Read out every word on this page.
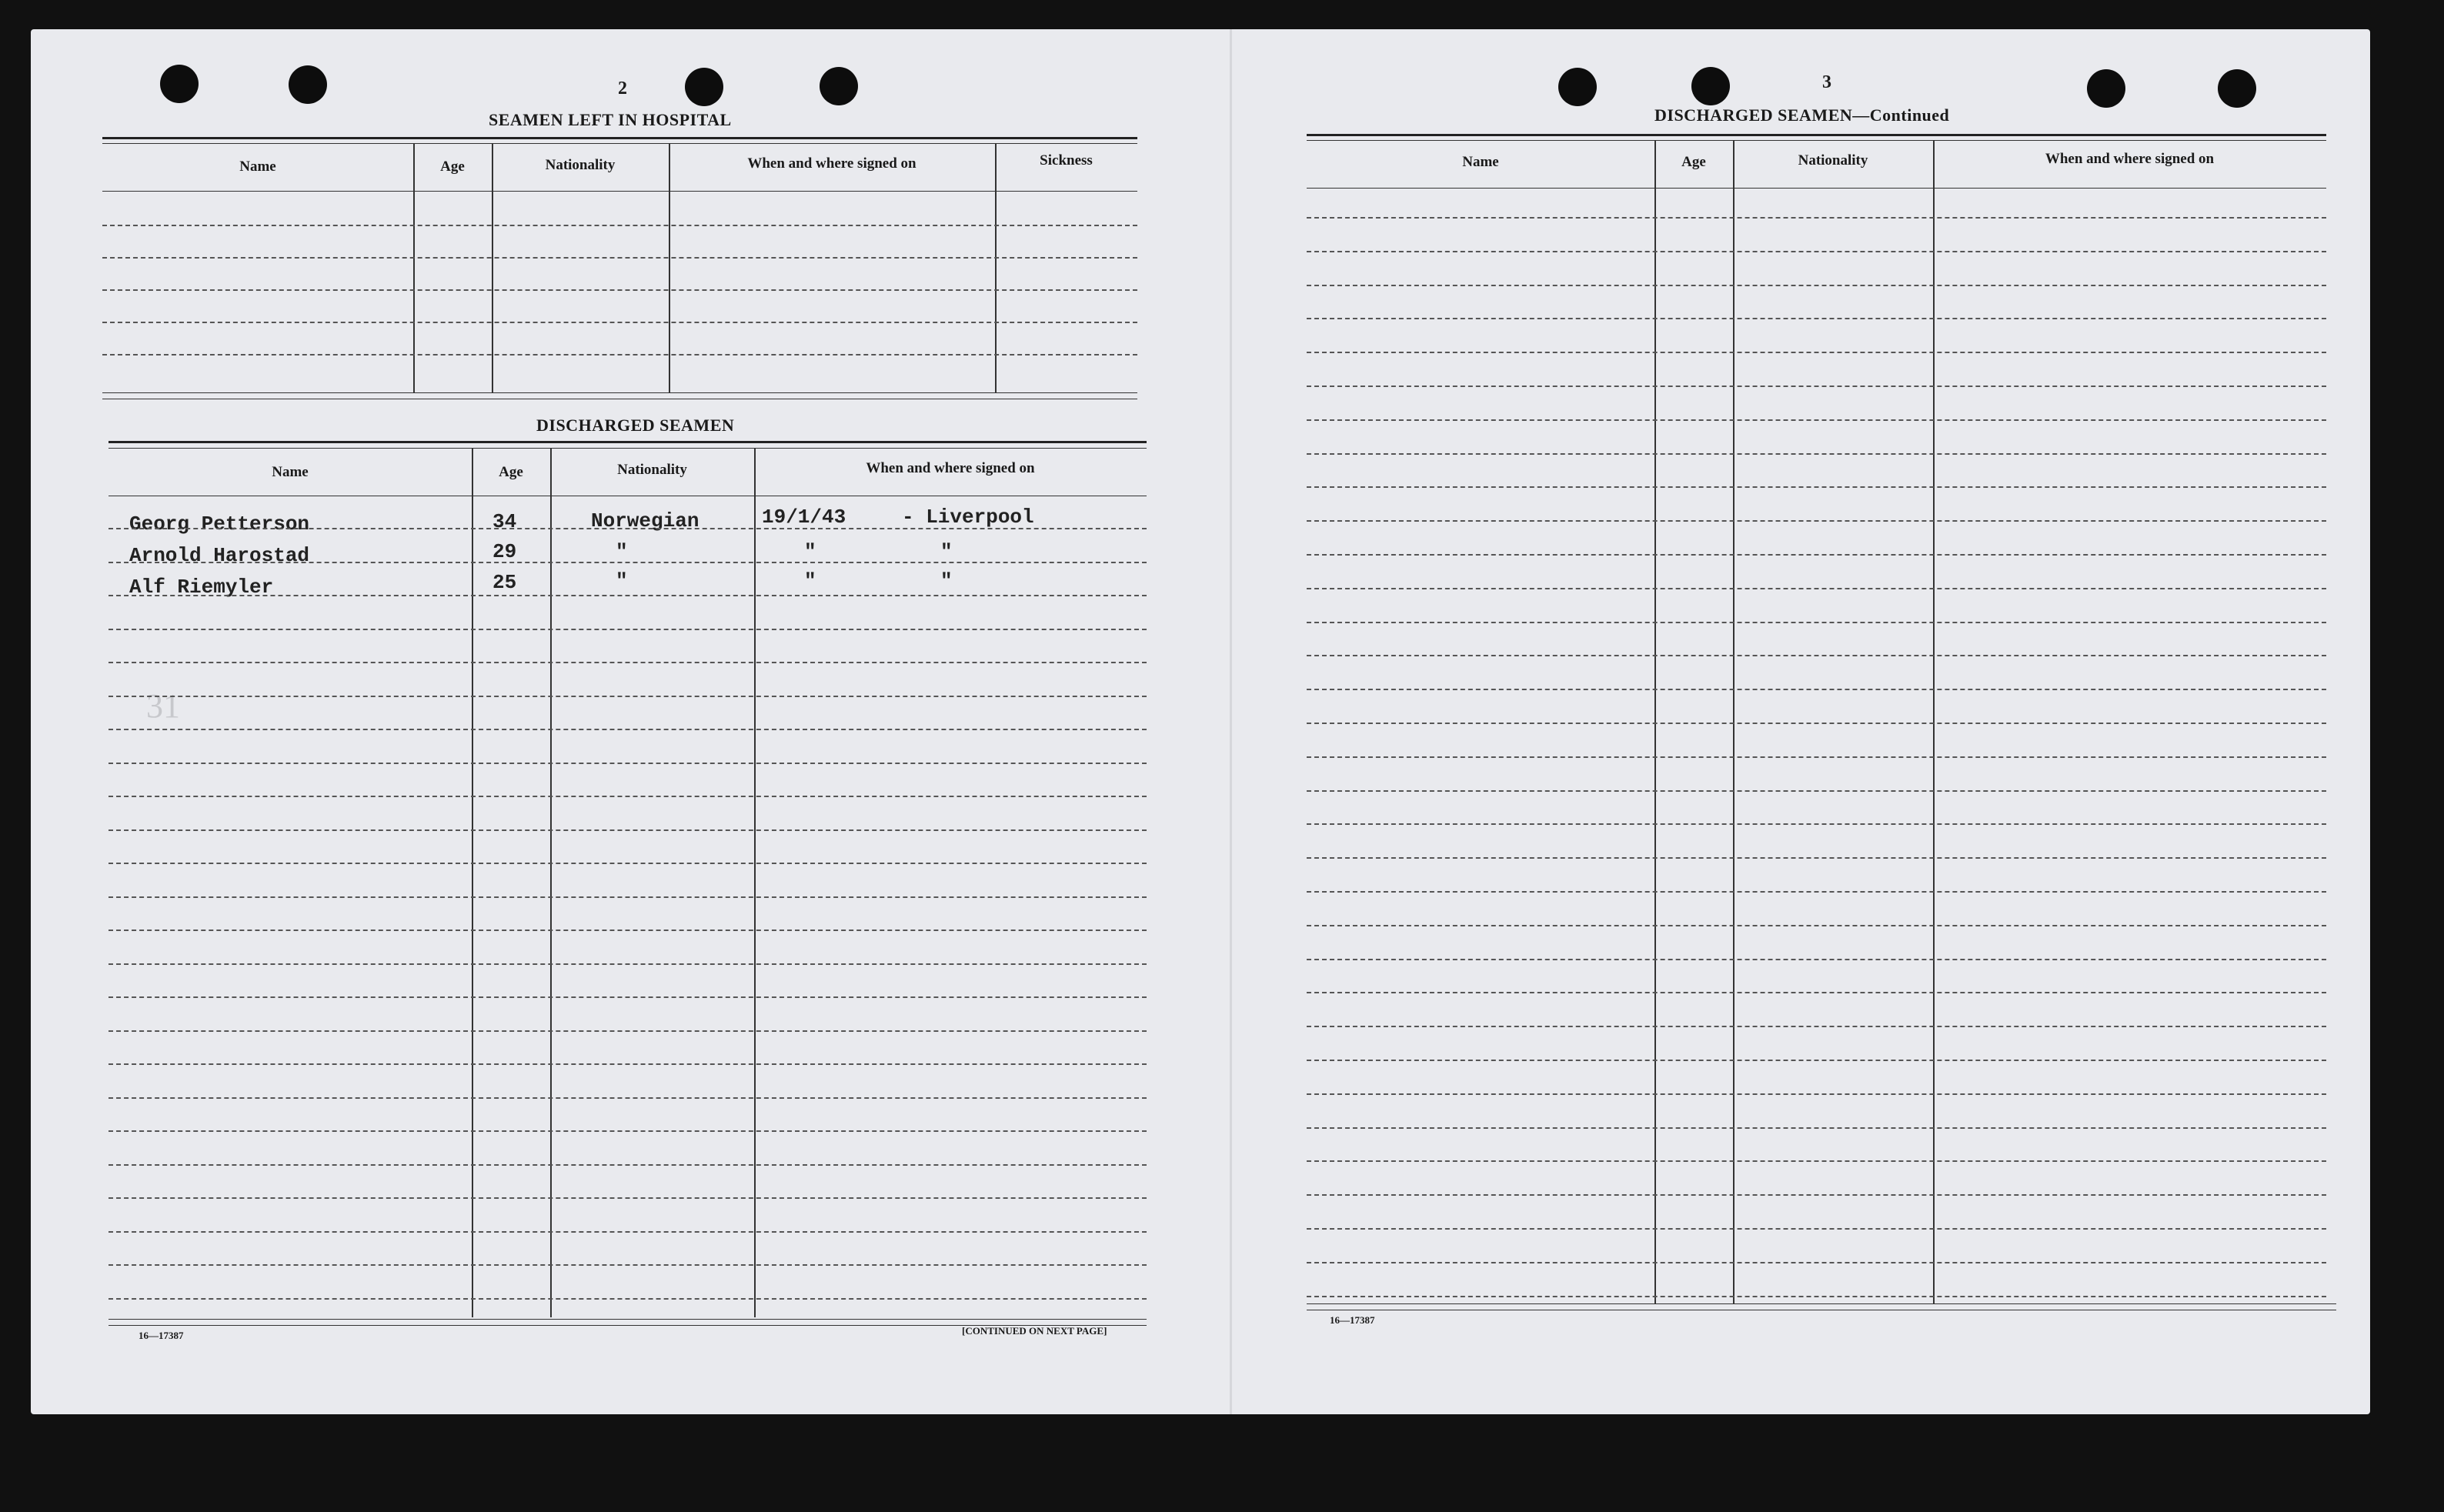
2
SEAMEN LEFT IN HOSPITAL
31
Name	Age	Nationality	When and where signed on	Sickness
DISCHARGED SEAMEN
Name	Age	Nationality	When and where signed on
Georg Petterson	34	Norwegian	19/1/43	- Liverpool
Arnold Harostad	29	"	"	"
Alf Riemyler	25	"	"	"
16—17387	[CONTINUED ON NEXT PAGE]
3
DISCHARGED SEAMEN—Continued
Name	Age	Nationality	When and where signed on
16—17387
